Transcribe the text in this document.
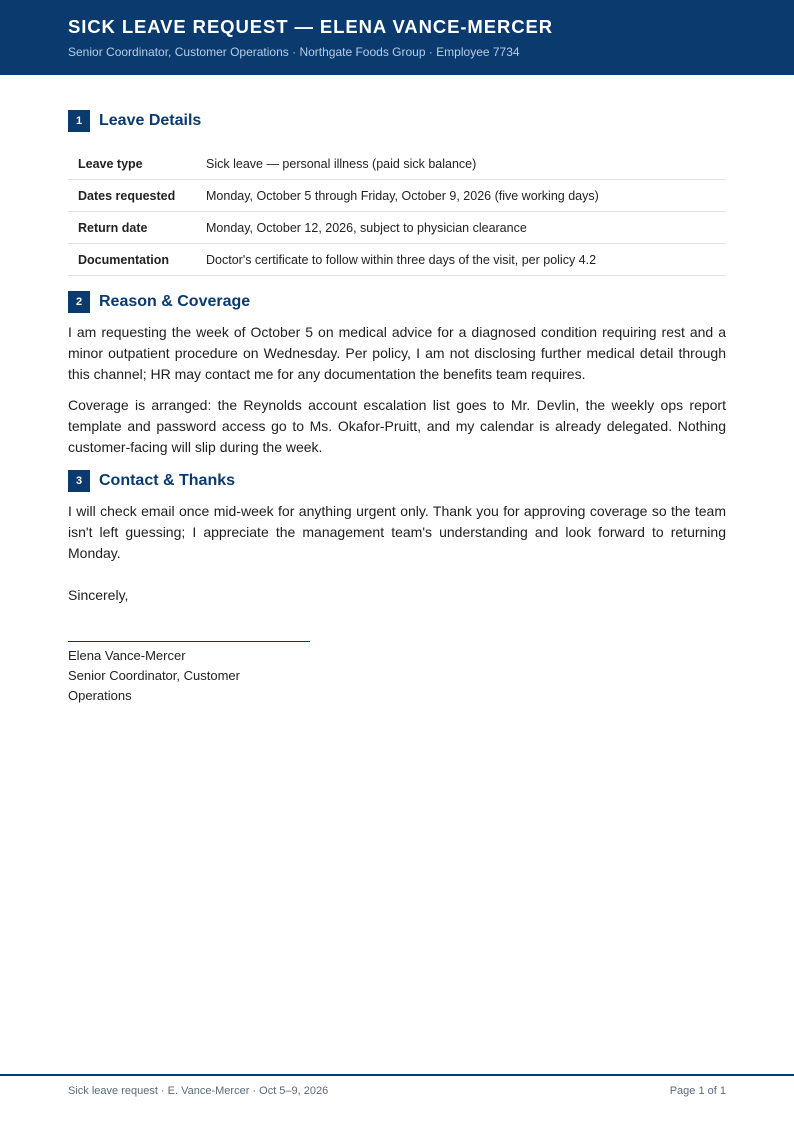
SICK LEAVE REQUEST — ELENA VANCE-MERCER
Senior Coordinator, Customer Operations · Northgate Foods Group · Employee 7734
1	Leave Details
Leave type	Sick leave — personal illness (paid sick balance)
Dates requested	Monday, October 5 through Friday, October 9, 2026 (five working days)
Return date	Monday, October 12, 2026, subject to physician clearance
Documentation	Doctor's certificate to follow within three days of the visit, per policy 4.2
2	Reason & Coverage

I am requesting the week of October 5 on medical advice for a diagnosed condition requiring rest and a minor outpatient procedure on Wednesday. Per policy, I am not disclosing further medical detail through this channel; HR may contact me for any documentation the benefits team requires.

Coverage is arranged: the Reynolds account escalation list goes to Mr. Devlin, the weekly ops report template and password access go to Ms. Okafor-Pruitt, and my calendar is already delegated. Nothing customer-facing will slip during the week.

3	Contact & Thanks

I will check email once mid-week for anything urgent only. Thank you for approving coverage so the team isn't left guessing; I appreciate the management team's understanding and look forward to returning Monday.

Sincerely,

Elena Vance-Mercer
Senior Coordinator, Customer Operations
Sick leave request · E. Vance-Mercer · Oct 5–9, 2026	Page 1 of 1
